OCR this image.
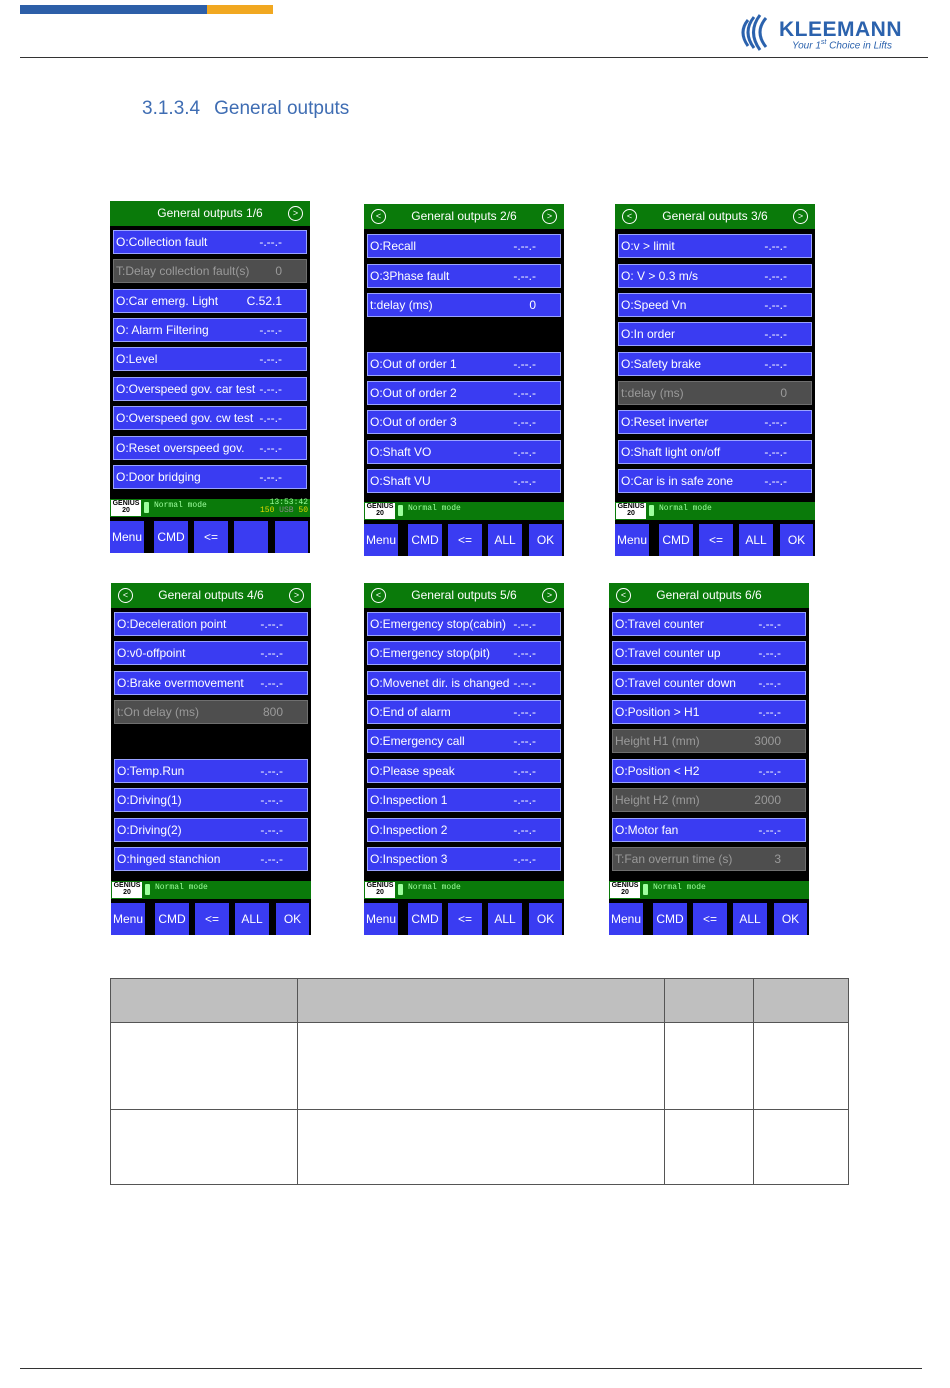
KLEEMANN
Your 1st Choice in Lifts
3.1.3.4 General outputs
General outputs 1/6	>
O:Collection fault	-.--.-
T:Delay collection fault(s) 0
O:Car emerg. Light C.52.1
O: Alarm Filtering	-.--.-
O:Level	-.--.-
O:Overspeed gov. car test -.--.-
O:Overspeed gov. cw test -.--.-
O:Reset overspeed gov. -.--.-
O:Door bridging	-.--.-
GENIUS
20
Normal mode	13:53:42
150 USB 50
Menu CMD	<=
General outputs 2/6
<	>
O:Recall	-.--.-
O:3Phase fault	-.--.-
t:delay (ms)	0
O:Out of order 1	-.--.-
O:Out of order 2	-.--.-
O:Out of order 3	-.--.-
O:Shaft VO	-.--.-
O:Shaft VU	-.--.-
GENIUS
20
Normal mode
Menu CMD	<=	ALL	OK
General outputs 3/6
<	>
O:v > limit	-.--.-
O: V > 0.3 m/s	-.--.-
O:Speed Vn	-.--.-
O:In order	-.--.-
O:Safety brake	-.--.-
t:delay (ms)	0
O:Reset inverter	-.--.-
O:Shaft light on/off	-.--.-
O:Car is in safe zone	-.--.-
GENIUS
20
Normal mode
Menu CMD	<=	ALL	OK
General outputs 4/6
<	>
O:Deceleration point	-.--.-
O:v0-offpoint	-.--.-
O:Brake overmovement -.--.-
t:On delay (ms)	800
O:Temp.Run	-.--.-
O:Driving(1)	-.--.-
O:Driving(2)	-.--.-
O:hinged stanchion	-.--.-
GENIUS
20
Normal mode
Menu CMD	<=	ALL	OK
General outputs 5/6
<	>
O:Emergency stop(cabin) -.--.-
O:Emergency stop(pit) -.--.-
O:Movenet dir. is changed -.--.-
O:End of alarm	-.--.-
O:Emergency call	-.--.-
O:Please speak	-.--.-
O:Inspection 1	-.--.-
O:Inspection 2	-.--.-
O:Inspection 3	-.--.-
GENIUS
20
Normal mode
Menu CMD	<=	ALL	OK
General outputs 6/6
<
O:Travel counter	-.--.-
O:Travel counter up	-.--.-
O:Travel counter down -.--.-
O:Position > H1	-.--.-
Height H1 (mm)	3000
O:Position < H2	-.--.-
Height H2 (mm)	2000
O:Motor fan	-.--.-
T:Fan overrun time (s)	3
GENIUS
20
Normal mode
Menu CMD	<=	ALL	OK
